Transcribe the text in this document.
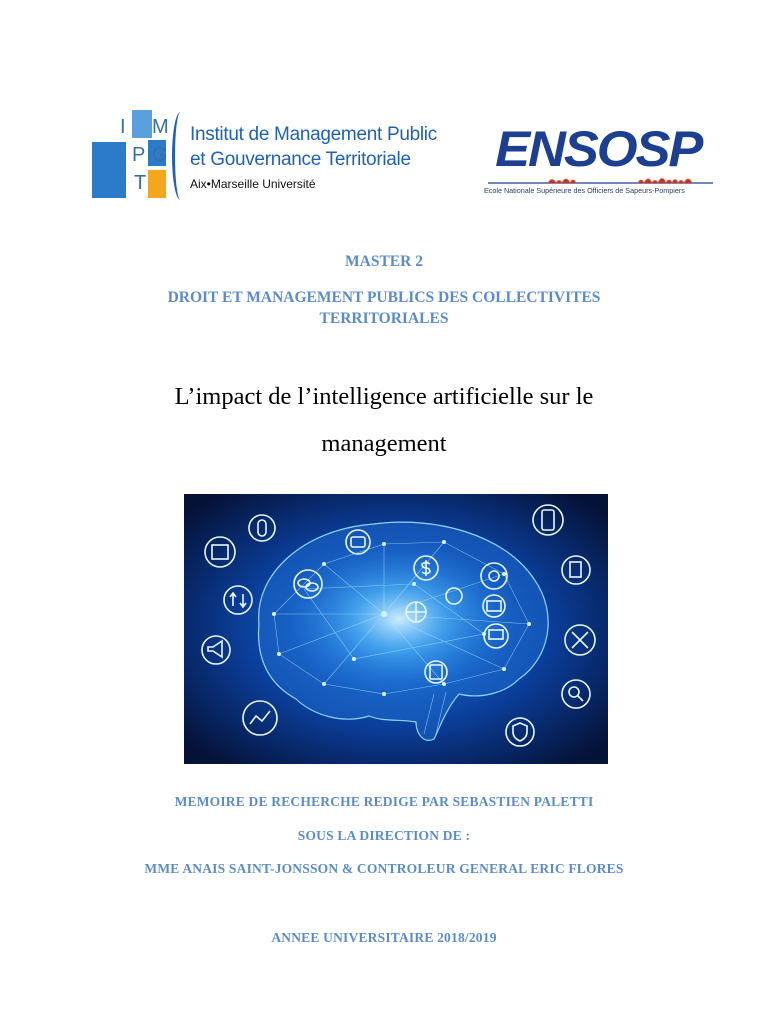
I M
P G
T
Institut de Management Public
et Gouvernance Territoriale
Aix•Marseille Université
ENSOSP
Ecole Nationale Supérieure des Officiers de Sapeurs-Pompiers
MASTER 2
DROIT ET MANAGEMENT PUBLICS DES COLLECTIVITES
TERRITORIALES
L’impact de l’intelligence artificielle sur le
management
MEMOIRE DE RECHERCHE REDIGE PAR SEBASTIEN PALETTI
SOUS LA DIRECTION DE :
MME ANAIS SAINT-JONSSON & CONTROLEUR GENERAL ERIC FLORES
ANNEE UNIVERSITAIRE 2018/2019
